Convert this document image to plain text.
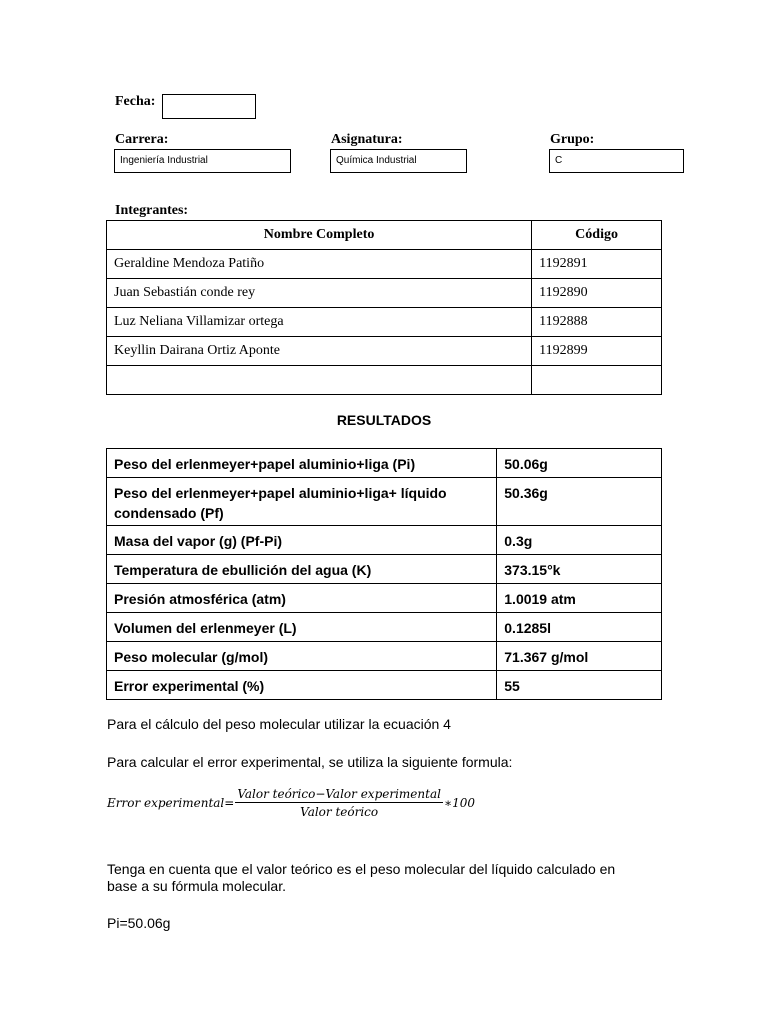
Fecha:
Carrera:
Ingeniería Industrial
Asignatura:
Química Industrial
Grupo:
C
Integrantes:
Nombre Completo	Código
Geraldine Mendoza Patiño	1192891
Juan Sebastián conde rey	1192890
Luz Neliana Villamizar ortega	1192888
Keyllin Dairana Ortiz Aponte	1192899

RESULTADOS
Peso del erlenmeyer+papel aluminio+liga (Pi)	50.06g
Peso del erlenmeyer+papel aluminio+liga+ líquido condensado (Pf)	50.36g
Masa del vapor (g) (Pf-Pi)	0.3g
Temperatura de ebullición del agua (K)	373.15°k
Presión atmosférica (atm)	1.0019 atm
Volumen del erlenmeyer (L)	0.1285l
Peso molecular (g/mol)	71.367 g/mol
Error experimental (%)	55
Para el cálculo del peso molecular utilizar la ecuación 4
Para calcular el error experimental, se utiliza la siguiente formula:
Error experimental=
Valor teórico−Valor experimental
Valor teórico
∗100
Tenga en cuenta que el valor teórico es el peso molecular del líquido calculado en
base a su fórmula molecular.
Pi=50.06g
